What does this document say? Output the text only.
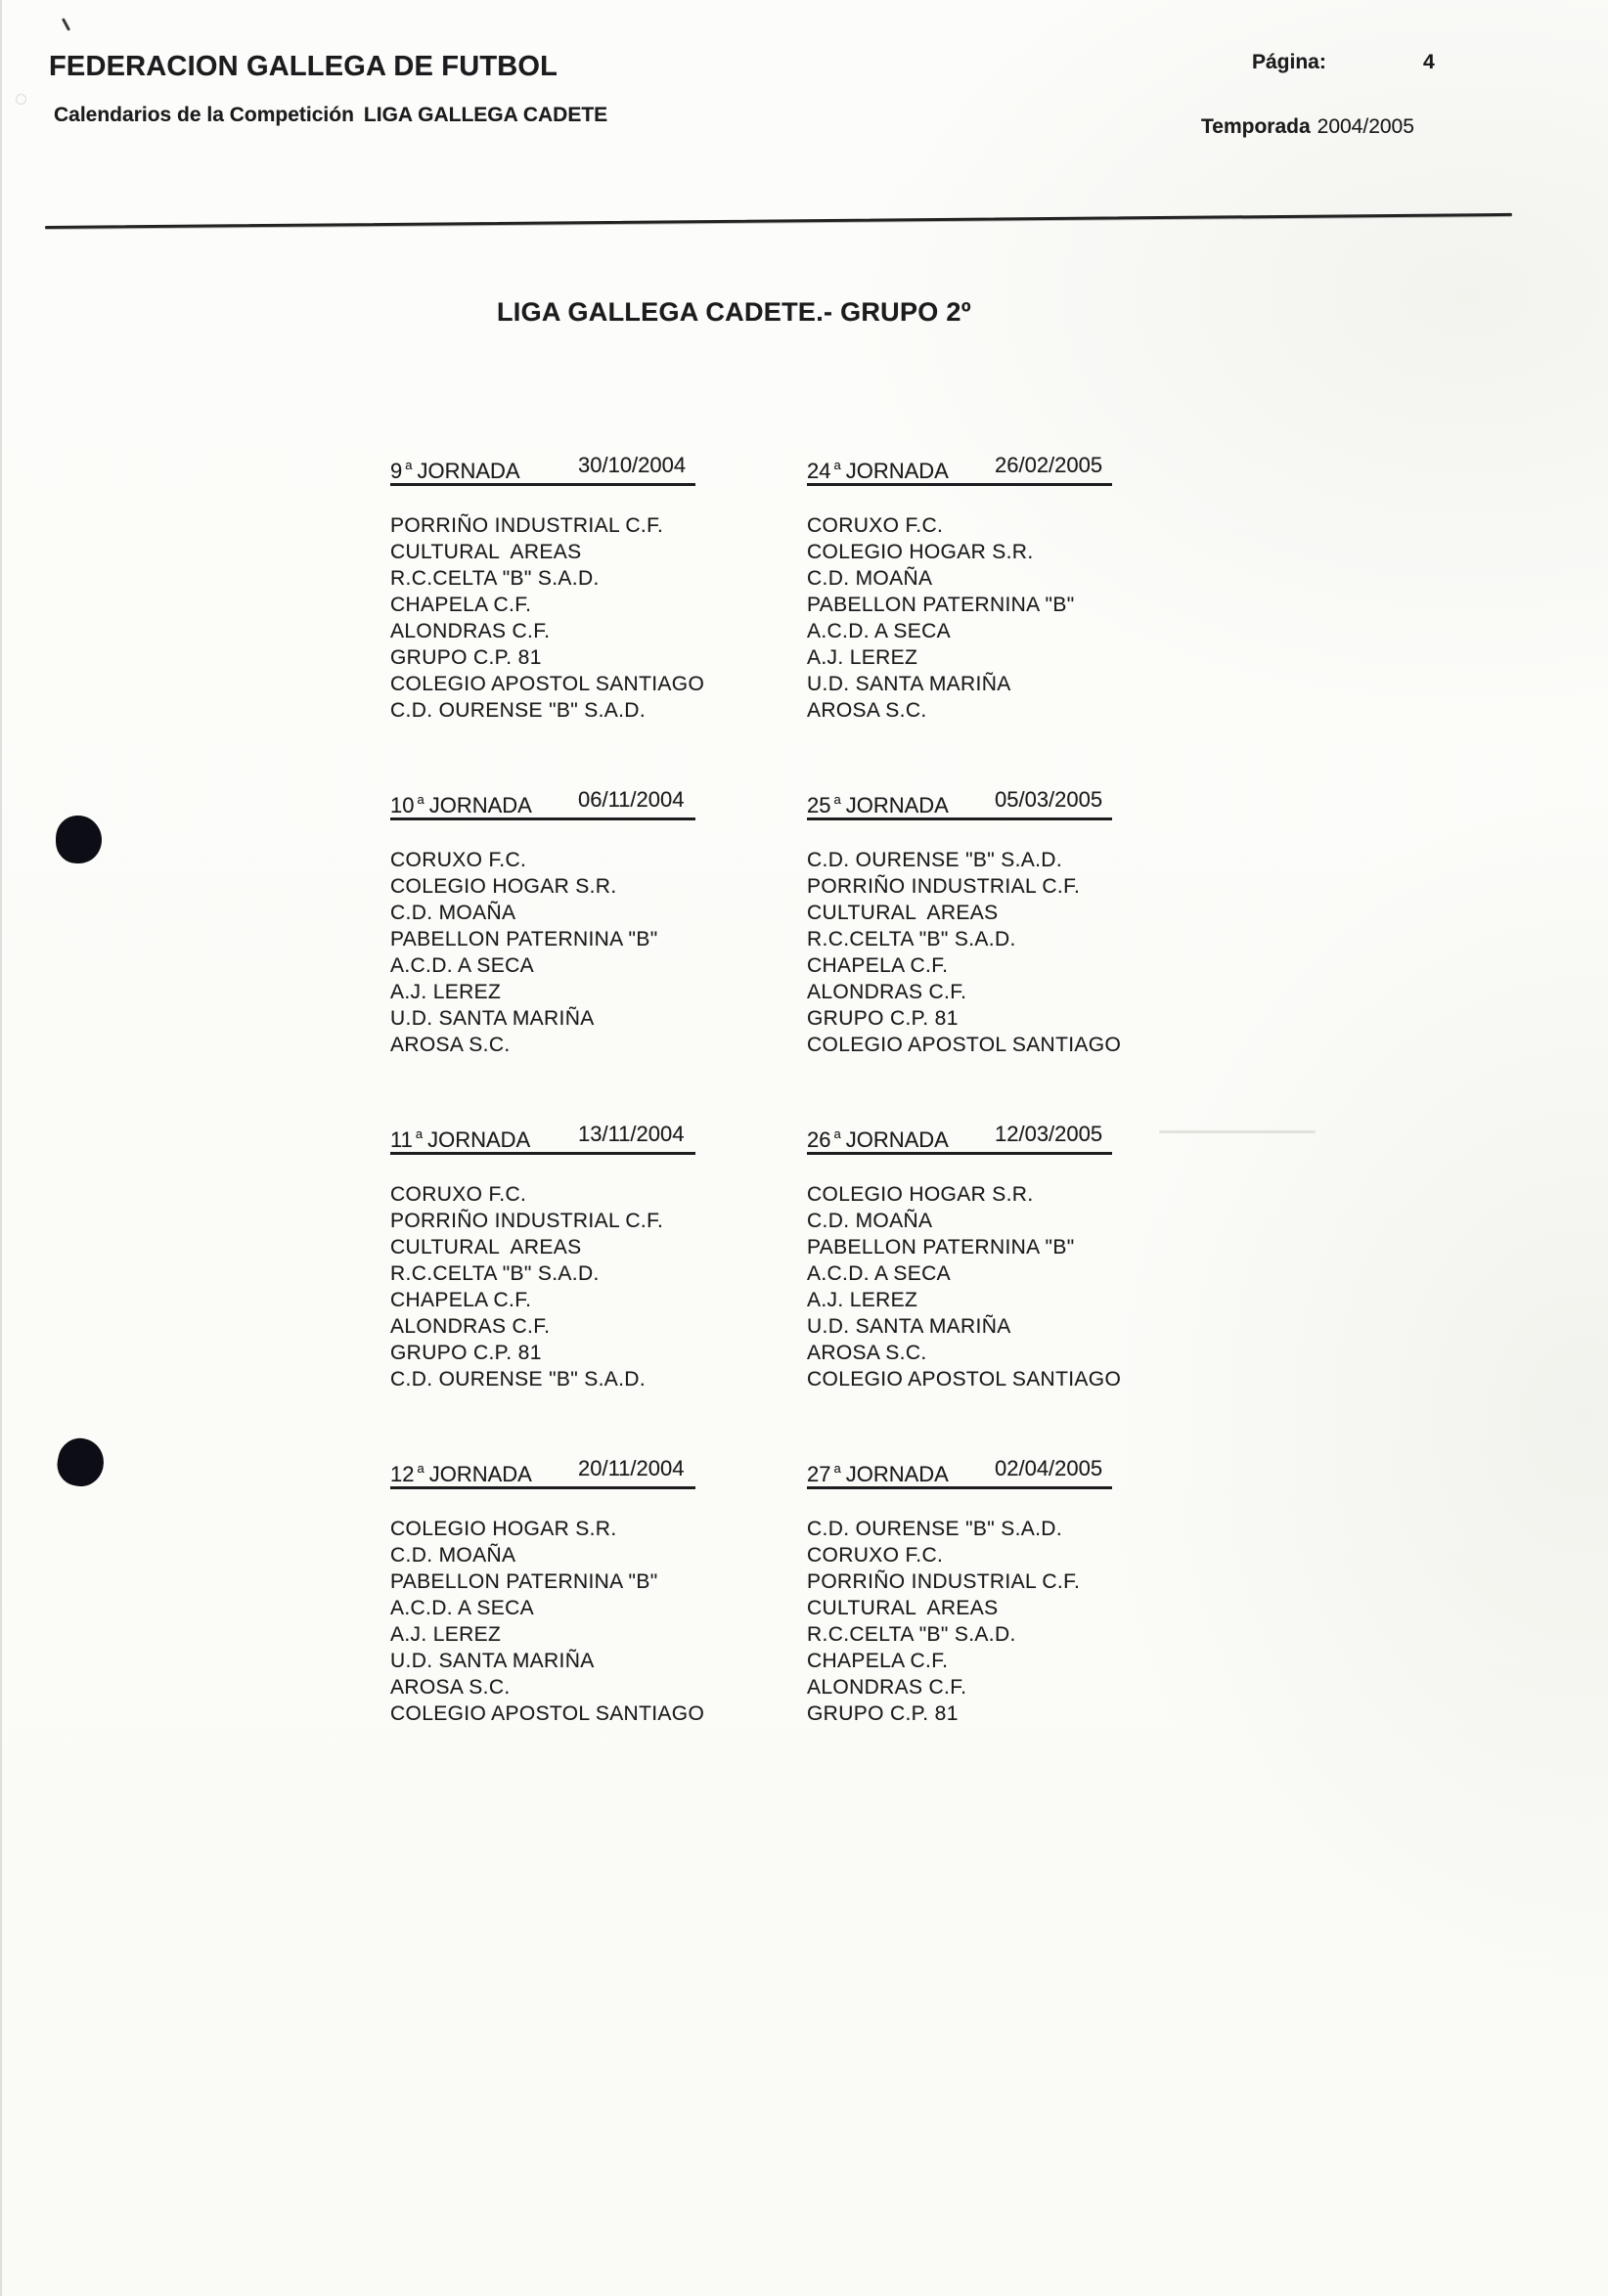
FEDERACION GALLEGA DE FUTBOL
Calendarios de la Competición LIGA GALLEGA CADETE
Página:	4
Temporada 2004/2005
LIGA GALLEGA CADETE.- GRUPO 2º
9 $^a$ JORNADA	30/10/2004
PORRIÑO INDUSTRIAL C.F.
CULTURAL  AREAS
R.C.CELTA "B" S.A.D.
CHAPELA C.F.
ALONDRAS C.F.
GRUPO C.P. 81
COLEGIO APOSTOL SANTIAGO
C.D. OURENSE "B" S.A.D.
24 $^a$ JORNADA 26/02/2005
CORUXO F.C.
COLEGIO HOGAR S.R.
C.D. MOAÑA
PABELLON PATERNINA "B"
A.C.D. A SECA
A.J. LEREZ
U.D. SANTA MARIÑA
AROSA S.C.
10 $^a$ JORNADA 06/11/2004
CORUXO F.C.
COLEGIO HOGAR S.R.
C.D. MOAÑA
PABELLON PATERNINA "B"
A.C.D. A SECA
A.J. LEREZ
U.D. SANTA MARIÑA
AROSA S.C.
25 $^a$ JORNADA 05/03/2005
C.D. OURENSE "B" S.A.D.
PORRIÑO INDUSTRIAL C.F.
CULTURAL  AREAS
R.C.CELTA "B" S.A.D.
CHAPELA C.F.
ALONDRAS C.F.
GRUPO C.P. 81
COLEGIO APOSTOL SANTIAGO
11 $^a$ JORNADA 13/11/2004
CORUXO F.C.
PORRIÑO INDUSTRIAL C.F.
CULTURAL  AREAS
R.C.CELTA "B" S.A.D.
CHAPELA C.F.
ALONDRAS C.F.
GRUPO C.P. 81
C.D. OURENSE "B" S.A.D.
26 $^a$ JORNADA 12/03/2005
COLEGIO HOGAR S.R.
C.D. MOAÑA
PABELLON PATERNINA "B"
A.C.D. A SECA
A.J. LEREZ
U.D. SANTA MARIÑA
AROSA S.C.
COLEGIO APOSTOL SANTIAGO
12 $^a$ JORNADA 20/11/2004
COLEGIO HOGAR S.R.
C.D. MOAÑA
PABELLON PATERNINA "B"
A.C.D. A SECA
A.J. LEREZ
U.D. SANTA MARIÑA
AROSA S.C.
COLEGIO APOSTOL SANTIAGO
27 $^a$ JORNADA 02/04/2005
C.D. OURENSE "B" S.A.D.
CORUXO F.C.
PORRIÑO INDUSTRIAL C.F.
CULTURAL  AREAS
R.C.CELTA "B" S.A.D.
CHAPELA C.F.
ALONDRAS C.F.
GRUPO C.P. 81
